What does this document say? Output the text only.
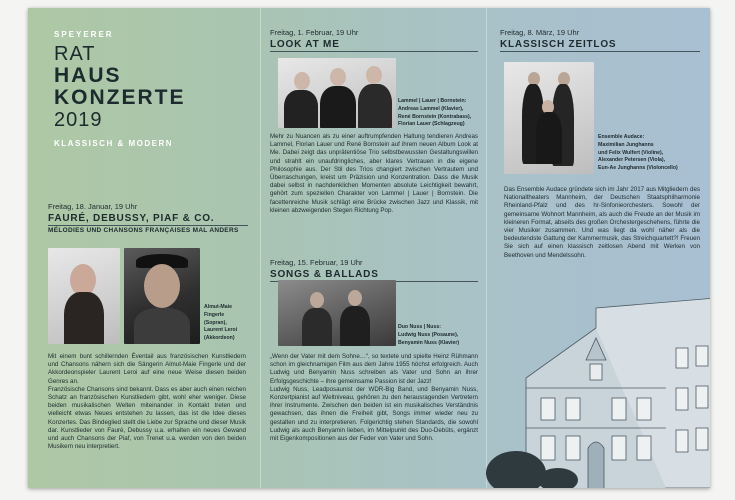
SPEYERER
RAT
HAUS
KONZERTE
2019
KLASSISCH & MODERN
Freitag, 18. Januar, 19 Uhr
FAURÉ, DEBUSSY, PIAF & CO.
MÉLODIES UND CHANSONS FRANÇAISES MAL ANDERS
Almut-Maie
Fingerle
(Sopran),
Laurent Leroi
(Akkordeon)

Mit einem bunt schillernden Éventail aus französischen Kunstliedern und Chansons nähern sich die Sängerin Almut-Maie Fingerle und der Akkordeonspieler Laurent Leroi auf eine neue Weise diesen beiden Genres an.

Französische Chansons sind bekannt. Dass es aber auch einen reichen Schatz an französischen Kunstliedern gibt, wohl eher weniger. Diese beiden musikalischen Welten miteinander in Kontakt treten und vielleicht etwas Neues entstehen zu lassen, das ist die Idee dieses Konzertes. Das Bindeglied stellt die Liebe zur Sprache und dieser Musik dar. Kunstlieder von Fauré, Debussy u.a. erhalten ein neues Gewand und auch Chansons der Piaf, von Trenet u.a. werden von den beiden Musikern neu interpretiert.

Freitag, 1. Februar, 19 Uhr
LOOK AT ME
Lammel | Lauer | Bornstein:
Andreas Lammel (Klavier),
René Bornstein (Kontrabass),
Florian Lauer (Schlagzeug)

Mehr zu Nuancen als zu einer auftrumpfenden Haltung tendieren Andreas Lammel, Florian Lauer und René Bornstein auf ihrem neuen Album Look at Me. Dabei zeigt das unprätentiöse Trio selbstbewussten Gestaltungswillen und strahlt ein unaufdringliches, aber klares Vertrauen in die eigene Philosophie aus. Der Stil des Trios changiert zwischen Vertrautem und Überraschungen, kreist um Präzision und Konzentration. Dass die Musik dabei selbst in nachdenklichen Momenten absolute Leichtigkeit bewahrt, gehört zum speziellen Charakter von Lammel | Lauer | Bornstein. Die facettenreiche Musik schlägt eine Brücke zwischen Jazz und Klassik, mit kleinen abzweigenden Stegen Richtung Pop.

Freitag, 15. Februar, 19 Uhr
SONGS & BALLADS
Duo Nuss | Nuss:
Ludwig Nuss (Posaune),
Benyamin Nuss (Klavier)

„Wenn der Vater mit dem Sohne…“, so textete und spielte Heinz Rühmann schon im gleichnamigen Film aus dem Jahre 1955 höchst erfolgreich. Auch Ludwig und Benyamin Nuss schreiben als Vater und Sohn an ihrer Erfolgsgeschichte – ihre gemeinsame Passion ist der Jazz!

Ludwig Nuss, Leadposaunist der WDR-Big Band, und Benyamin Nuss, Konzertpianist auf Weltniveau, gehören zu den herausragenden Vertretern ihrer Instrumente. Zwischen den beiden ist ein musikalisches Verständnis gewachsen, das ihnen die Freiheit gibt, Songs immer wieder neu zu gestalten und zu interpretieren. Folgerichtig stehen Standards, die sowohl Ludwig als auch Benyamin lieben, im Mittelpunkt des Duo-Debüts, ergänzt mit Eigenkompositionen aus der Feder von Vater und Sohn.

Freitag, 8. März, 19 Uhr
KLASSISCH ZEITLOS
Ensemble Audace:
Maximilian Junghanns
und Felix Wulfert (Violine),
Alexander Petersen (Viola),
Eun-Ae Junghanns (Violoncello)

Das Ensemble Audace gründete sich im Jahr 2017 aus Mitgliedern des Nationaltheaters Mannheim, der Deutschen Staatsphilharmonie Rheinland-Pfalz und des hr-Sinfonieorchesters. Sowohl der gemeinsame Wohnort Mannheim, als auch die Freude an der Musik im kleineren Format, abseits des großen Orchestergeschehens, führte die vier Musiker zusammen. Und was liegt da wohl näher als die bedeutendste Gattung der Kammermusik, das Streichquartett?! Freuen Sie sich auf einen klassisch zeitlosen Abend mit Werken von Beethoven und Mendelssohn.
